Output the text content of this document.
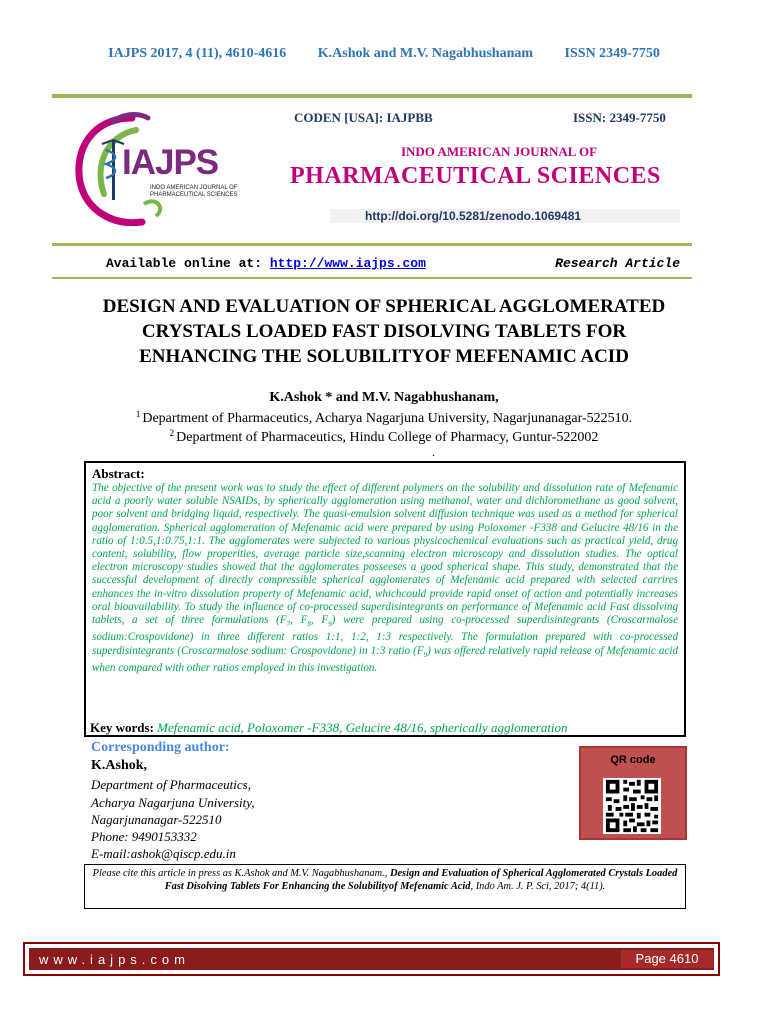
IAJPS 2017, 4 (11), 4610-4616 K.Ashok and M.V. Nagabhushanam ISSN 2349-7750
IAJPS
INDO AMERICAN JOURNAL OF PHARMACEUTICAL SCIENCES
CODEN [USA]: IAJPBB	ISSN: 2349-7750
INDO AMERICAN JOURNAL OF
PHARMACEUTICAL SCIENCES
http://doi.org/10.5281/zenodo.1069481
Available online at: http://www.iajps.com	Research Article
DESIGN AND EVALUATION OF SPHERICAL AGGLOMERATED CRYSTALS LOADED FAST DISOLVING TABLETS FOR ENHANCING THE SOLUBILITYOF MEFENAMIC ACID
K.Ashok * and M.V. Nagabhushanam,
$^1$ Department of Pharmaceutics, Acharya Nagarjuna University, Nagarjunanagar-522510.
$^2$ Department of Pharmaceutics, Hindu College of Pharmacy, Guntur-522002
.
Abstract:
The objective of the present work was to study the effect of different polymers on the solubility and dissolution rate of Mefenamic acid a poorly water soluble NSAIDs, by spherically agglomeration using methanol, water and dichloromethane as good solvent, poor solvent and bridging liquid, respectively. The quasi-emulsion solvent diffusion technique was used as a method for spherical agglomeration. Spherical agglomeration of Mefenamic acid were prepared by using Poloxomer -F338 and Gelucire 48/16 in the ratio of 1:0.5,1:0.75,1:1. The agglomerates were subjected to various physicochemical evaluations such as practical yield, drug content, solubility, flow properities, average particle size,scanning electron microscopy and dissolution studies. The optical electron microscopy studies showed that the agglomerates posseeses a good spherical shape. This study, demonstrated that the successful development of directly compressible spherical agglomerates of Mefenamic acid prepared with selected carrires enhances the in-vitro dissolution property of Mefenamic acid, whichcould provide rapid onset of action and potentially increases oral bioavailability. To study the influence of co-processed superdisintegrants on performance of Mefenamic acid Fast dissolving tablets, a set of three formulations ($F_7$, $F_8$, $F_9$) were prepared using co-processed superdisintegrants (Croscarmalose sodium:Crospovidone) in three different ratios 1:1, 1:2, 1:3 respectively. The formulation prepared with co-processed superdisintegrants (Croscarmalose sodium: Crospovidone) in 1:3 ratio $(F_9)$ was offered relatively rapid release of Mefenamic acid when compared with other ratios employed in this investigation.
Key words: Mefenamic acid, Poloxomer -F338, Gelucire 48/16, spherically agglomeration
Corresponding author:
K.Ashok,
Department of Pharmaceutics,
Acharya Nagarjuna University,
Nagarjunanagar-522510
Phone: 9490153332
E-mail:ashok@qiscp.edu.in
QR code
Please cite this article in press as K.Ashok and M.V. Nagabhushanam., Design and Evaluation of Spherical Agglomerated Crystals Loaded Fast Disolving Tablets For Enhancing the Solubilityof Mefenamic Acid, Indo Am. J. P. Sci, 2017; 4(11).
www.iajps.com	Page 4610
